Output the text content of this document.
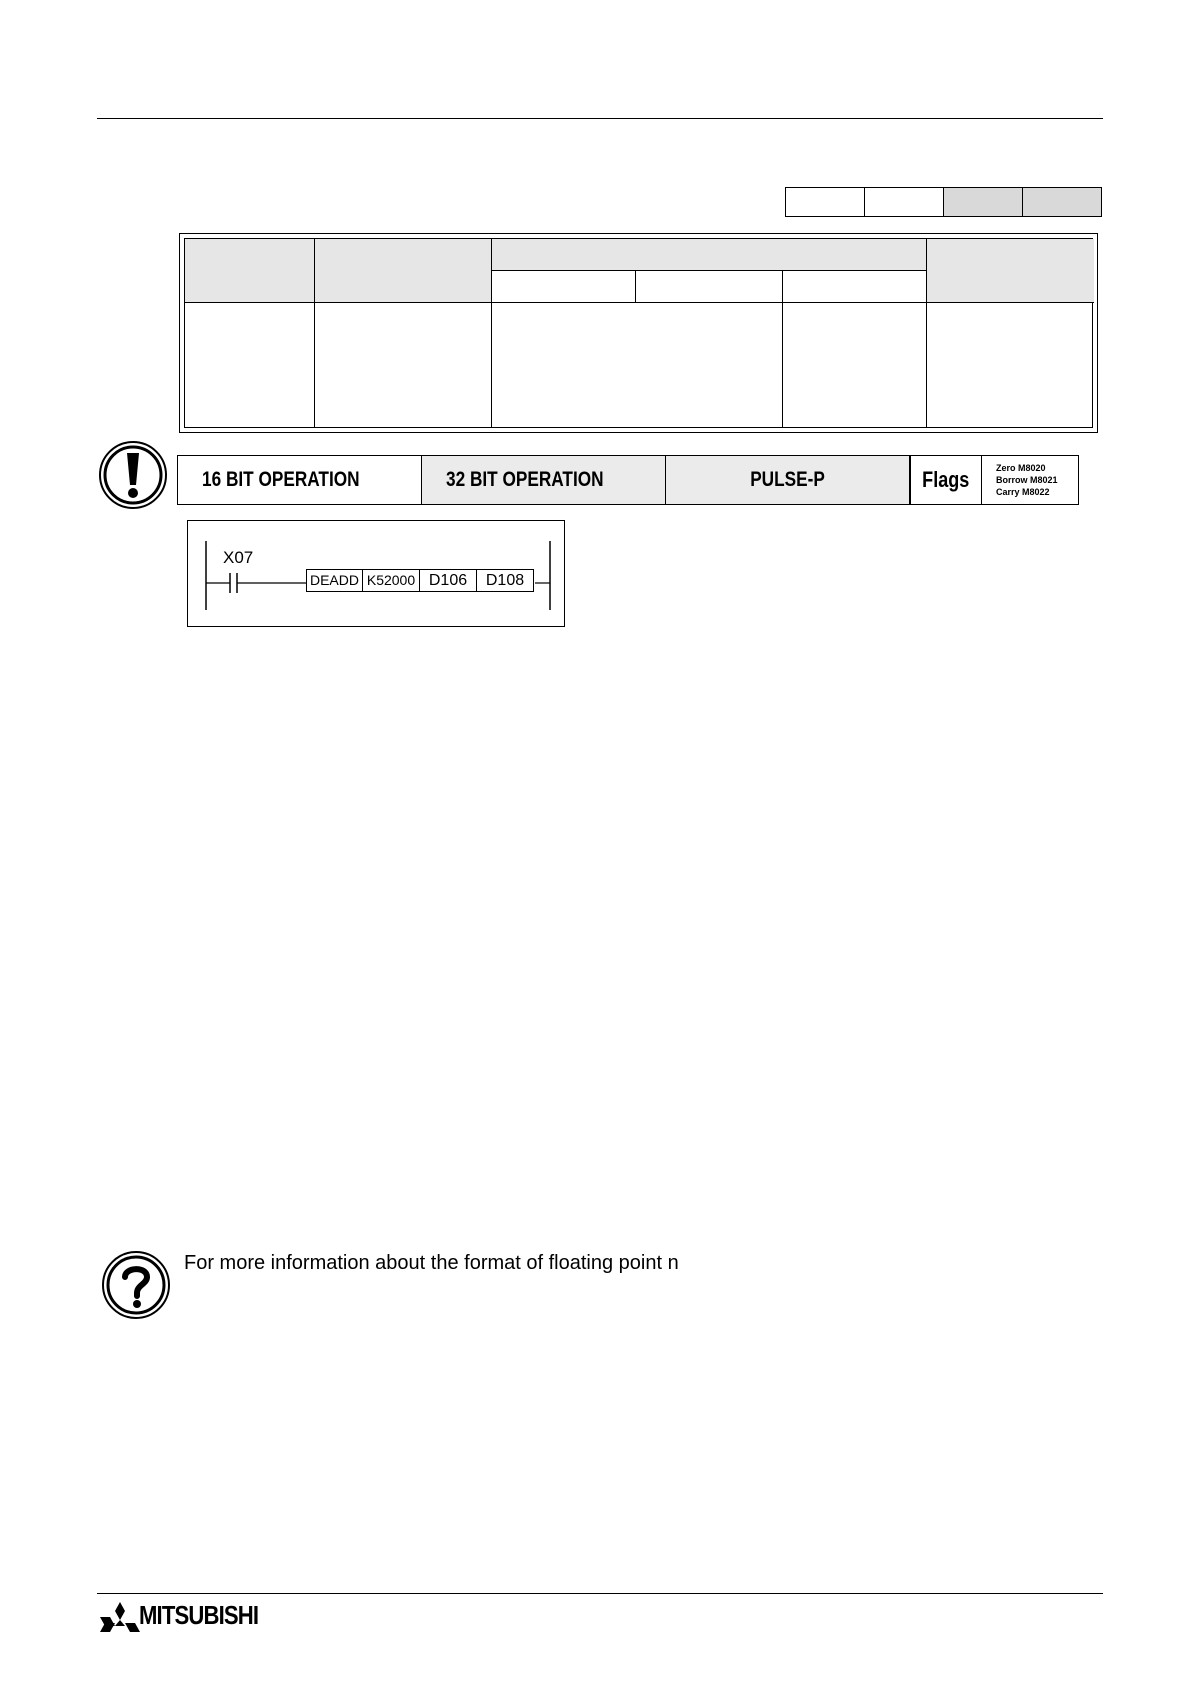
16 BIT OPERATION	32 BIT OPERATION	PULSE-P	Flags	Zero M8020
Borrow M8021
Carry M8022
X07
DEADD K52000 D106	D108
For more information about the format of floating point n
MITSUBISHI
